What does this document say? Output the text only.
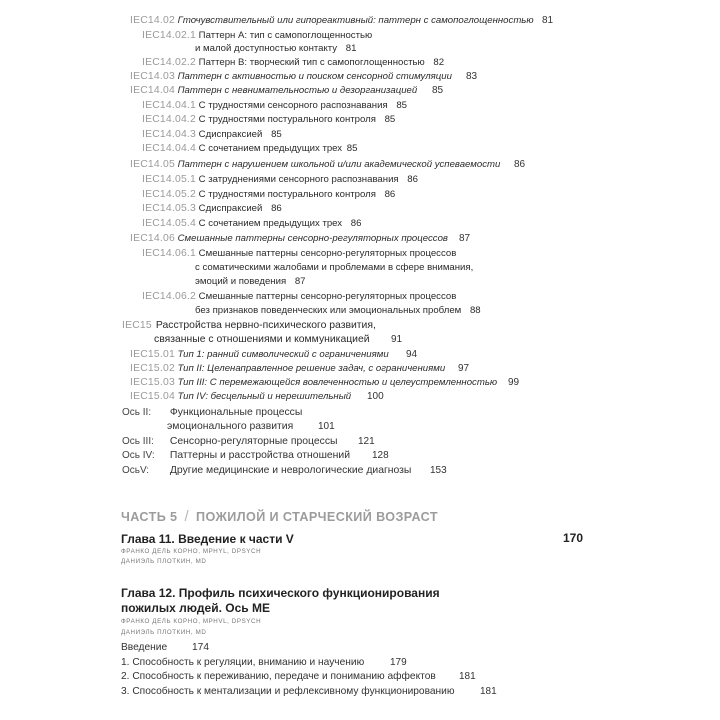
IEC14.02 Гточувствительный или гипореактивный: паттерн с самопоглощенностью 81
IEC14.02.1 Паттерн А: тип с самопоглощенностью
и малой доступностью контакту 81
IEC14.02.2 Паттерн В: творческий тип с самопоглощенностью 82
IEC14.03 Паттерн с активностью и поиском сенсорной стимуляции 83
IEC14.04 Паттерн с невнимательностью и дезорганизацией 85
IEC14.04.1 С трудностями сенсорного распознавания 85
IEC14.04.2 С трудностями постурального контроля 85
IEC14.04.3 Сдиспраксией 85
IEC14.04.4 С сочетанием предыдущих трех 85
IEC14.05 Паттерн с нарушением школьной и/или академической успеваемости 86
IEC14.05.1 С затруднениями сенсорного распознавания 86
IEC14.05.2 С трудностями постурального контроля 86
IEC14.05.3 Сдиспраксией 86
IEC14.05.4 С сочетанием предыдущих трех 86
IEC14.06 Смешанные паттерны сенсорно-регуляторных процессов 87
IEC14.06.1 Смешанные паттерны сенсорно-регуляторных процессов
с соматическими жалобами и проблемами в сфере внимания,
эмоций и поведения 87
IEC14.06.2 Смешанные паттерны сенсорно-регуляторных процессов
без признаков поведенческих или эмоциональных проблем 88
IEC15 Расстройства нервно-психического развития,
связанные с отношениями и коммуникацией 91
IEC15.01 Тип 1: ранний символический с ограничениями 94
IEC15.02 Тип II: Целенаправленное решение задач, с ограничениями 97
IEC15.03 Тип III: С перемежающейся вовлеченностью и целеустремленностью 99
IEC15.04 Тип IV: бесцельный и нерешительный 100
Ось II: Функциональные процессы
эмоционального развития 101
Ось III: Сенсорно-регуляторные процессы 121
Ось IV: Паттерны и расстройства отношений 128
ОсьV: Другие медицинские и неврологические диагнозы 153
ЧАСТЬ 5 / ПОЖИЛОЙ И СТАРЧЕСКИЙ ВОЗРАСТ
Глава 11. Введение к части V	170
ФРАНКО ДЕЛЬ КОРНО, MPHYL, DPSYCH
ДАНИЭЛЬ ПЛОТКИН, MD
Глава 12. Профиль психического функционирования
пожилых людей. Ось ME
ФРАНКО ДЕЛЬ КОРНО, MPHVL, DPSYCH
ДАНИЭЛЬ ПЛОТКИН, MD
Введение 174
1. Способность к регуляции, вниманию и научению	179
2. Способность к переживанию, передаче и пониманию аффектов 181
3. Способность к ментализации и рефлексивному функционированию	181
